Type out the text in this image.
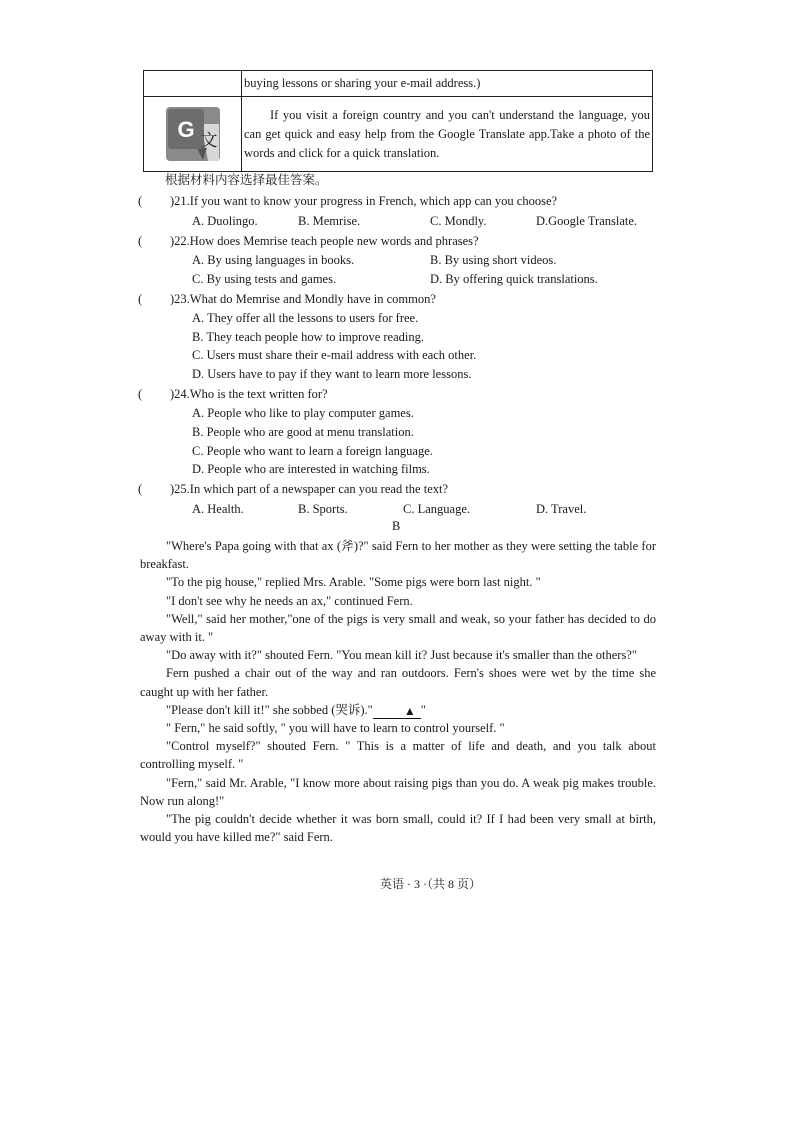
	buying lessons or sharing your e-mail address.)

G 文	If you visit a foreign country and you can't understand the language, you can get quick and easy help from the Google Translate app.Take a photo of the words and click for a quick translation.
根据材料内容选择最佳答案。
( )21.If you want to know your progress in French, which app can you choose?
A. Duolingo.	B. Memrise.	C. Mondly.	D.Google Translate.
( )22.How does Memrise teach people new words and phrases?
A. By using languages in books.	B. By using short videos.
C. By using tests and games.	D. By offering quick translations.
( )23.What do Memrise and Mondly have in common?
A. They offer all the lessons to users for free.
B. They teach people how to improve reading.
C. Users must share their e-mail address with each other.
D. Users have to pay if they want to learn more lessons.
( )24.Who is the text written for?
A. People who like to play computer games.
B. People who are good at menu translation.
C. People who want to learn a foreign language.
D. People who are interested in watching films.
( )25.In which part of a newspaper can you read the text?
A. Health.	B. Sports.	C. Language.	D. Travel.
B

"Where's Papa going with that ax (斧)?" said Fern to her mother as they were setting the table for breakfast.

"To the pig house," replied Mrs. Arable. "Some pigs were born last night. "

"I don't see why he needs an ax," continued Fern.

"Well," said her mother,"one of the pigs is very small and weak, so your father has decided to do away with it. "

"Do away with it?" shouted Fern. "You mean kill it? Just because it's smaller than the others?"

Fern pushed a chair out of the way and ran outdoors. Fern's shoes were wet by the time she caught up with her father.

"Please don't kill it!" she sobbed (哭诉)."	▲ "

" Fern," he said softly, " you will have to learn to control yourself. "

"Control myself?" shouted Fern. " This is a matter of life and death, and you talk about controlling myself. "

"Fern," said Mr. Arable, "I know more about raising pigs than you do. A weak pig makes trouble. Now run along!"

"The pig couldn't decide whether it was born small, could it? If I had been very small at birth, would you have killed me?" said Fern.

英语 · 3 ·（共 8 页）
